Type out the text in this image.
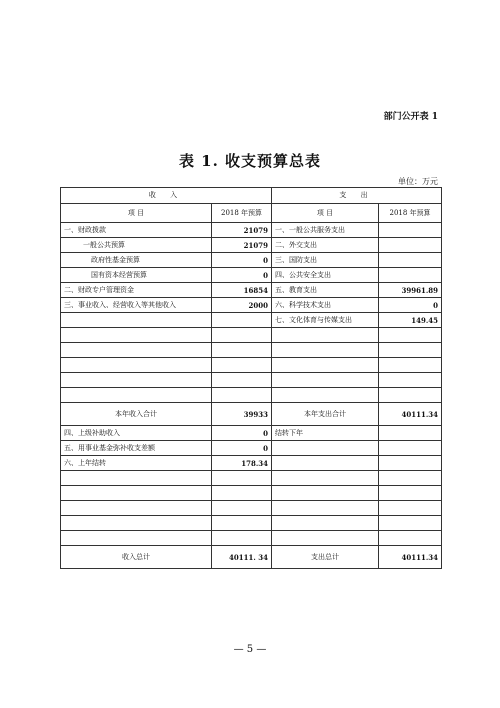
部门公开表 1
表 1. 收支预算总表
单位：万元
收 入		支 出	
项 目	2018 年预算	项 目	2018 年预算
一、财政拨款	21079	一、一般公共服务支出	
一般公共预算	21079	二、外交支出	
政府性基金预算	0	三、国防支出	
国有资本经营预算	0	四、公共安全支出	
二、财政专户管理资金	16854	五、教育支出	39961.89
三、事业收入、经营收入等其他收入	2000	六、科学技术支出	0
		七、文化体育与传媒支出	149.45

本年收入合计	39933	本年支出合计	40111.34
四、上级补助收入	0	结转下年	
五、用事业基金弥补收支差额	0		
六、上年结转	178.34		

收入总计	40111. 34	支出总计	40111.34
— 5 —
